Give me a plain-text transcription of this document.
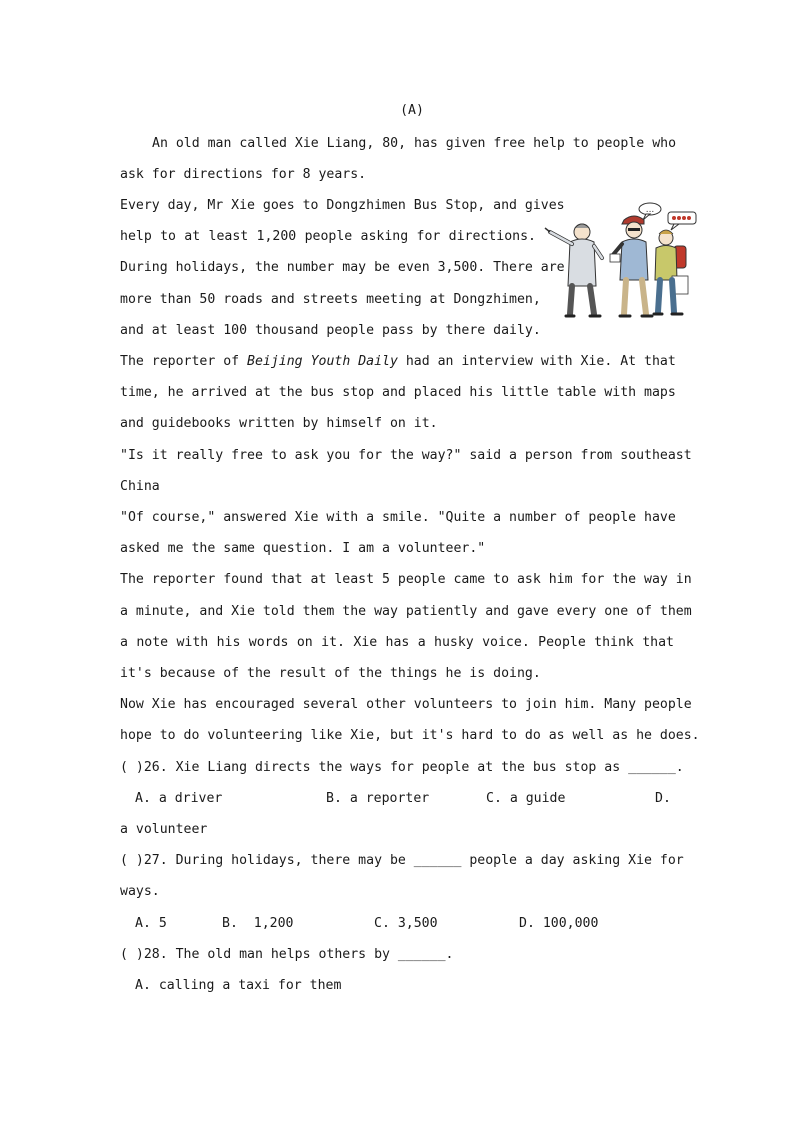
(A)
An old man called Xie Liang, 80, has given free help to people who
ask for directions for 8 years.
Every day, Mr Xie goes to Dongzhimen Bus Stop, and gives
help to at least 1,200 people asking for directions.
During holidays, the number may be even 3,500. There are
more than 50 roads and streets meeting at Dongzhimen,
and at least 100 thousand people pass by there daily.
The reporter of Beijing Youth Daily had an interview with Xie. At that
time, he arrived at the bus stop and placed his little table with maps
and guidebooks written by himself on it.
"Is it really free to ask you for the way?" said a person from southeast
China
"Of course," answered Xie with a smile. "Quite a number of people have
asked me the same question. I am a volunteer."
The reporter found that at least 5 people came to ask him for the way in
a minute, and Xie told them the way patiently and gave every one of them
a note with his words on it. Xie has a husky voice. People think that
it's because of the result of the things he is doing.
Now Xie has encouraged several other volunteers to join him. Many people
hope to do volunteering like Xie, but it's hard to do as well as he does.
( )26. Xie Liang directs the ways for people at the bus stop as ______.
A. a driver	B. a reporter	C. a guide	D.
a volunteer
( )27. During holidays, there may be ______ people a day asking Xie for
ways.
A. 5	B.  1,200	C. 3,500	D. 100,000
( )28. The old man helps others by ______.
A. calling a taxi for them
...
